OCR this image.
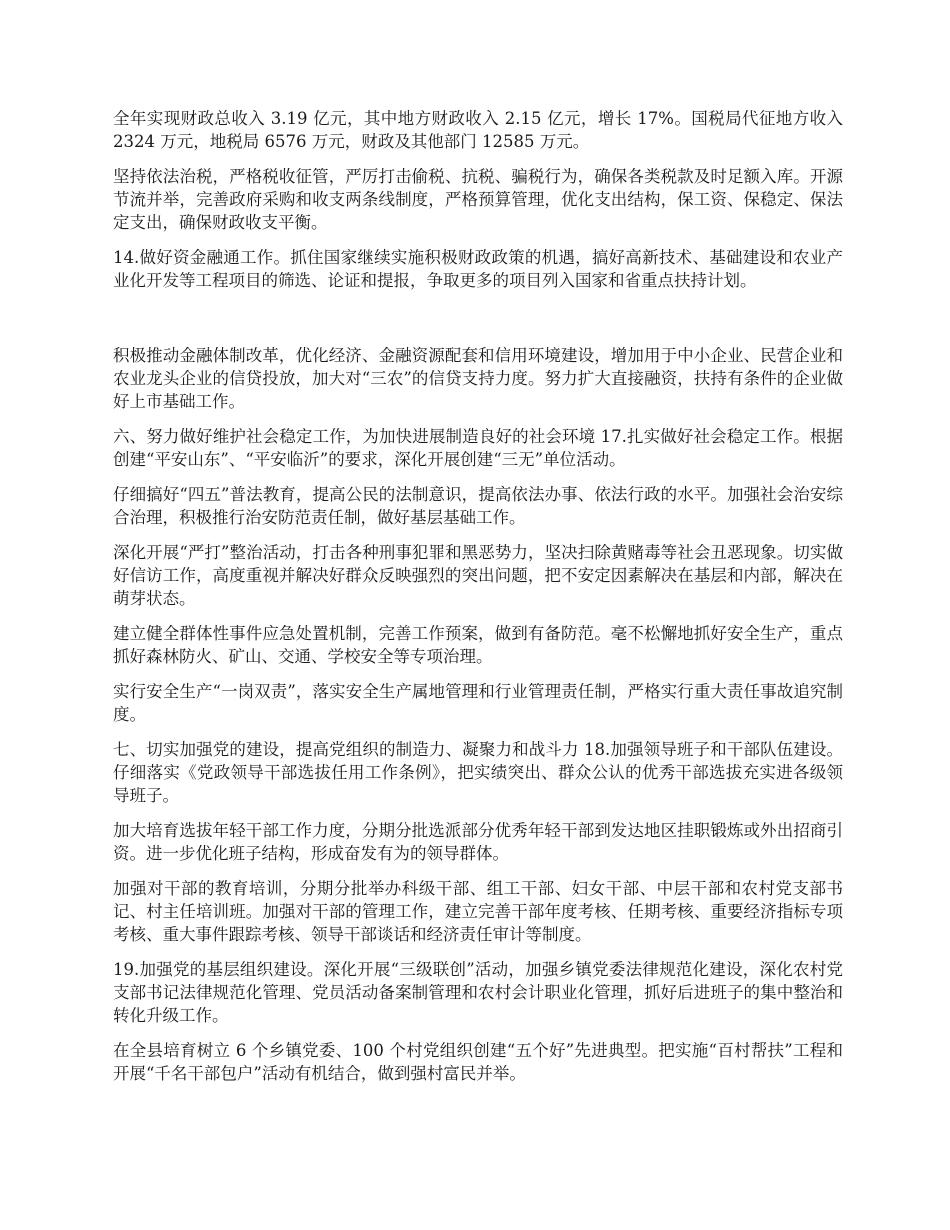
全年实现财政总收入 3.19 亿元，其中地方财政收入 2.15 亿元，增长 17%。国税局代征地方收入 2324 万元，地税局 6576 万元，财政及其他部门 12585 万元。

坚持依法治税，严格税收征管，严厉打击偷税、抗税、骗税行为，确保各类税款及时足额入库。开源节流并举，完善政府采购和收支两条线制度，严格预算管理，优化支出结构，保工资、保稳定、保法定支出，确保财政收支平衡。

14.做好资金融通工作。抓住国家继续实施积极财政政策的机遇，搞好高新技术、基础建设和农业产业化开发等工程项目的筛选、论证和提报，争取更多的项目列入国家和省重点扶持计划。

积极推动金融体制改革，优化经济、金融资源配套和信用环境建设，增加用于中小企业、民营企业和农业龙头企业的信贷投放，加大对“三农”的信贷支持力度。努力扩大直接融资，扶持有条件的企业做好上市基础工作。

六、努力做好维护社会稳定工作，为加快进展制造良好的社会环境 17.扎实做好社会稳定工作。根据创建“平安山东”、“平安临沂”的要求，深化开展创建“三无”单位活动。

仔细搞好“四五”普法教育，提高公民的法制意识，提高依法办事、依法行政的水平。加强社会治安综合治理，积极推行治安防范责任制，做好基层基础工作。

深化开展“严打”整治活动，打击各种刑事犯罪和黑恶势力，坚决扫除黄赌毒等社会丑恶现象。切实做好信访工作，高度重视并解决好群众反映强烈的突出问题，把不安定因素解决在基层和内部，解决在萌芽状态。

建立健全群体性事件应急处置机制，完善工作预案，做到有备防范。毫不松懈地抓好安全生产，重点抓好森林防火、矿山、交通、学校安全等专项治理。

实行安全生产“一岗双责”，落实安全生产属地管理和行业管理责任制，严格实行重大责任事故追究制度。

七、切实加强党的建设，提高党组织的制造力、凝聚力和战斗力 18.加强领导班子和干部队伍建设。仔细落实《党政领导干部选拔任用工作条例》，把实绩突出、群众公认的优秀干部选拔充实进各级领导班子。

加大培育选拔年轻干部工作力度，分期分批选派部分优秀年轻干部到发达地区挂职锻炼或外出招商引资。进一步优化班子结构，形成奋发有为的领导群体。

加强对干部的教育培训，分期分批举办科级干部、组工干部、妇女干部、中层干部和农村党支部书记、村主任培训班。加强对干部的管理工作，建立完善干部年度考核、任期考核、重要经济指标专项考核、重大事件跟踪考核、领导干部谈话和经济责任审计等制度。

19.加强党的基层组织建设。深化开展“三级联创”活动，加强乡镇党委法律规范化建设，深化农村党支部书记法律规范化管理、党员活动备案制管理和农村会计职业化管理，抓好后进班子的集中整治和转化升级工作。

在全县培育树立 6 个乡镇党委、100 个村党组织创建“五个好”先进典型。把实施“百村帮扶”工程和开展“千名干部包户”活动有机结合，做到强村富民并举。
